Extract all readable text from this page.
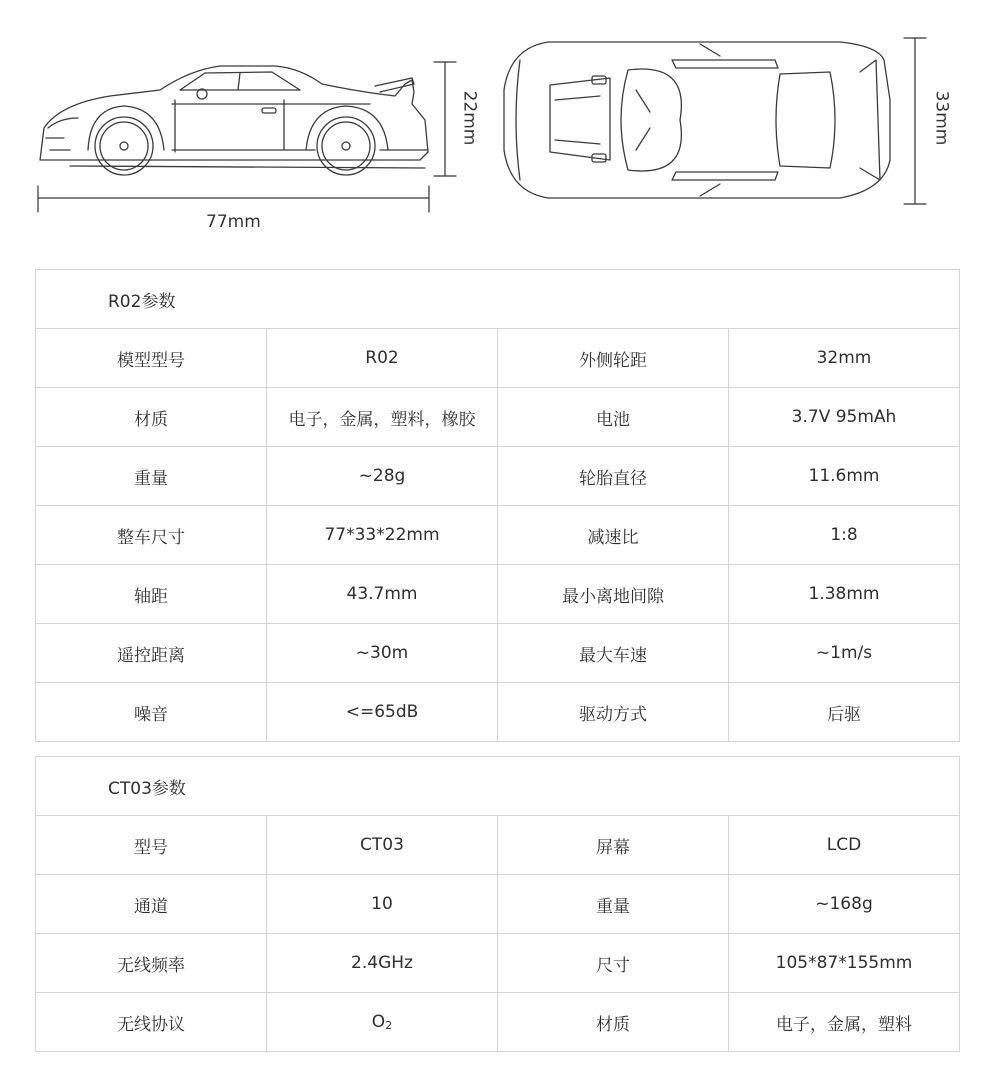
77mm
22mm	33mm
R02参数			
模型型号	R02	外侧轮距	32mm
材质	电子，金属，塑料，橡胶	电池	3.7V 95mAh
重量	~28g	轮胎直径	11.6mm
整车尺寸	77*33*22mm	减速比	1:8
轴距	43.7mm	最小离地间隙	1.38mm
遥控距离	~30m	最大车速	~1m/s
噪音	<=65dB	驱动方式	后驱
CT03参数			
型号	CT03	屏幕	LCD
通道	10	重量	~168g
无线频率	2.4GHz	尺寸	105*87*155mm
无线协议	O2	材质	电子，金属，塑料
